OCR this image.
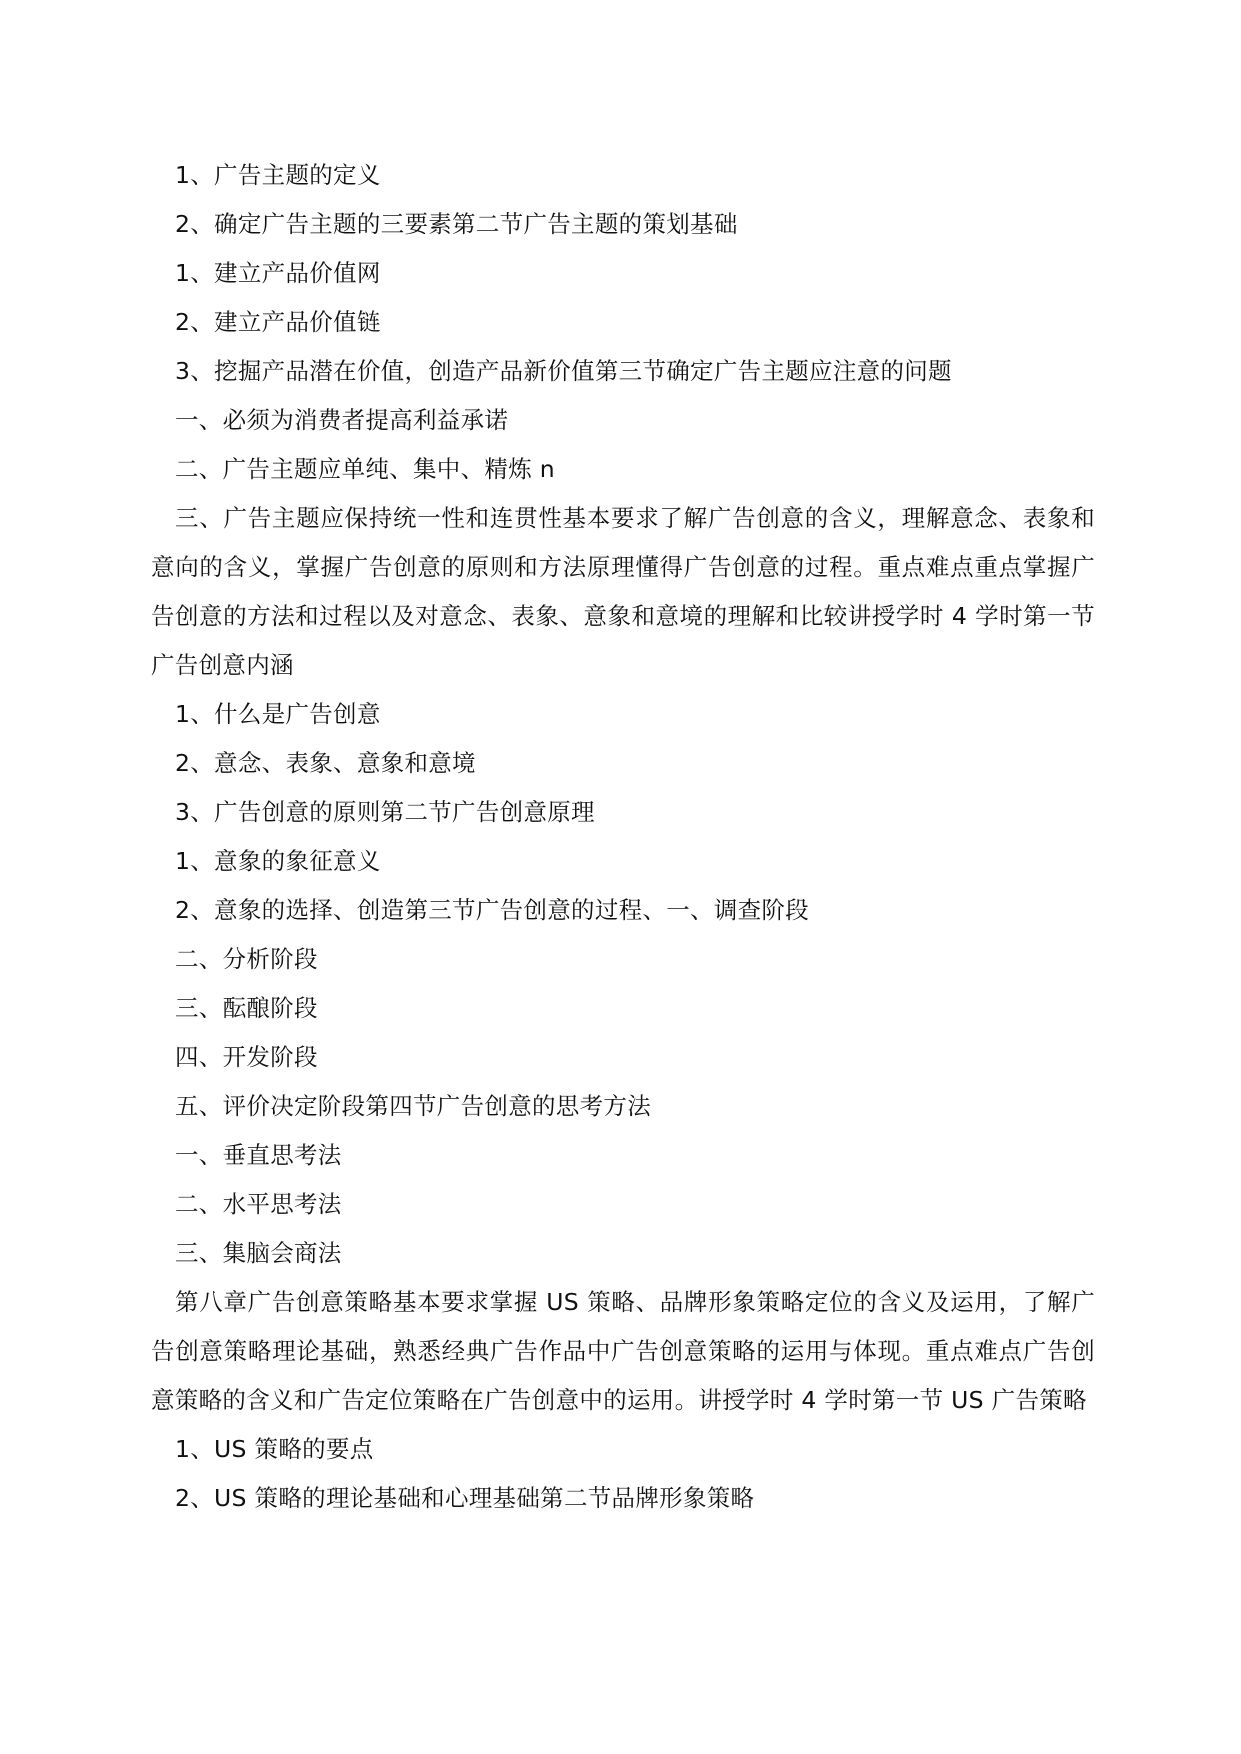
1、广告主题的定义

2、确定广告主题的三要素第二节广告主题的策划基础

1、建立产品价值网

2、建立产品价值链

3、挖掘产品潜在价值，创造产品新价值第三节确定广告主题应注意的问题

一、必须为消费者提高利益承诺

二、广告主题应单纯、集中、精炼 n

三、广告主题应保持统一性和连贯性基本要求了解广告创意的含义，理解意念、表象和意向的含义，掌握广告创意的原则和方法原理懂得广告创意的过程。重点难点重点掌握广告创意的方法和过程以及对意念、表象、意象和意境的理解和比较讲授学时 4 学时第一节广告创意内涵

1、什么是广告创意

2、意念、表象、意象和意境

3、广告创意的原则第二节广告创意原理

1、意象的象征意义

2、意象的选择、创造第三节广告创意的过程、一、调查阶段

二、分析阶段

三、酝酿阶段

四、开发阶段

五、评价决定阶段第四节广告创意的思考方法

一、垂直思考法

二、水平思考法

三、集脑会商法

第八章广告创意策略基本要求掌握 US 策略、品牌形象策略定位的含义及运用，了解广告创意策略理论基础，熟悉经典广告作品中广告创意策略的运用与体现。重点难点广告创意策略的含义和广告定位策略在广告创意中的运用。讲授学时 4 学时第一节 US 广告策略

1、US 策略的要点

2、US 策略的理论基础和心理基础第二节品牌形象策略
